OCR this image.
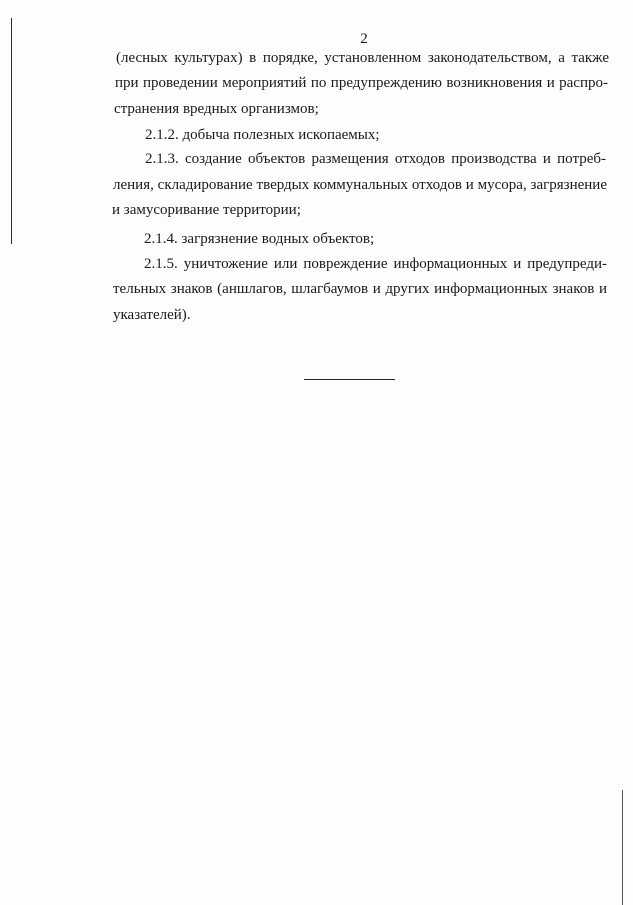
2
(лесных культурах) в порядке, установленном законодательством, а также
при проведении мероприятий по предупреждению возникновения и распро-
странения вредных организмов;
2.1.2. добыча полезных ископаемых;
2.1.3. создание объектов размещения отходов производства и потреб-
ления, складирование твердых коммунальных отходов и мусора, загрязнение
и замусоривание территории;
2.1.4. загрязнение водных объектов;
2.1.5. уничтожение или повреждение информационных и предупреди-
тельных знаков (аншлагов, шлагбаумов и других информационных знаков и
указателей).
